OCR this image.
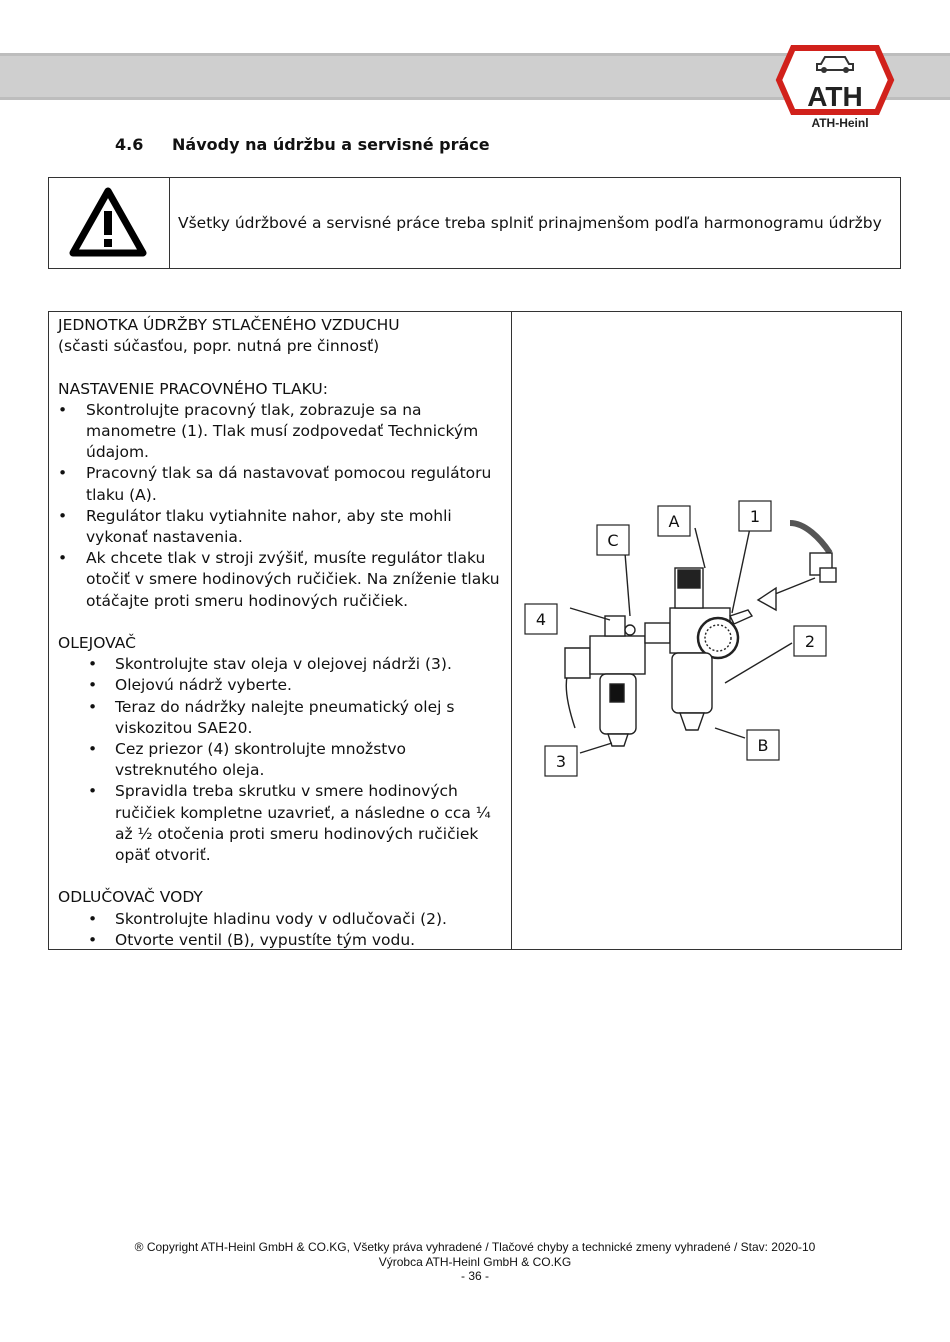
ATH
ATH-Heinl
4.6 Návody na údržbu a servisné práce
Všetky údržbové a servisné práce treba splniť prinajmenšom podľa harmonogramu údržby

JEDNOTKA ÚDRŽBY STLAČENÉHO VZDUCHU

(sčasti súčasťou, popr. nutná pre činnosť)

NASTAVENIE PRACOVNÉHO TLAKU:

• Skontrolujte pracovný tlak, zobrazuje sa na manometre (1). Tlak musí zodpovedať Technickým údajom.
• Pracovný tlak sa dá nastavovať pomocou regulátoru tlaku (A).
• Regulátor tlaku vytiahnite nahor, aby ste mohli vykonať nastavenia.
• Ak chcete tlak v stroji zvýšiť, musíte regulátor tlaku otočiť v smere hodinových ručičiek. Na zníženie tlaku otáčajte proti smeru hodinových ručičiek.

OLEJOVAČ

• Skontrolujte stav oleja v olejovej nádrži (3).
• Olejovú nádrž vyberte.
• Teraz do nádržky nalejte pneumatický olej s viskozitou SAE20.
• Cez priezor (4) skontrolujte množstvo vstreknutého oleja.
• Spravidla treba skrutku v smere hodinových ručičiek kompletne uzavrieť, a následne o cca ¼ až ½ otočenia proti smeru hodinových ručičiek opäť otvoriť.

ODLUČOVAČ VODY

• Skontrolujte hladinu vody v odlučovači (2).
• Otvorte ventil (B), vypustíte tým vodu.
A	1
C
4
2
B
3
® Copyright ATH-Heinl GmbH & CO.KG, Všetky práva vyhradené / Tlačové chyby a technické zmeny vyhradené / Stav: 2020-10
Výrobca ATH-Heinl GmbH & CO.KG
- 36 -
